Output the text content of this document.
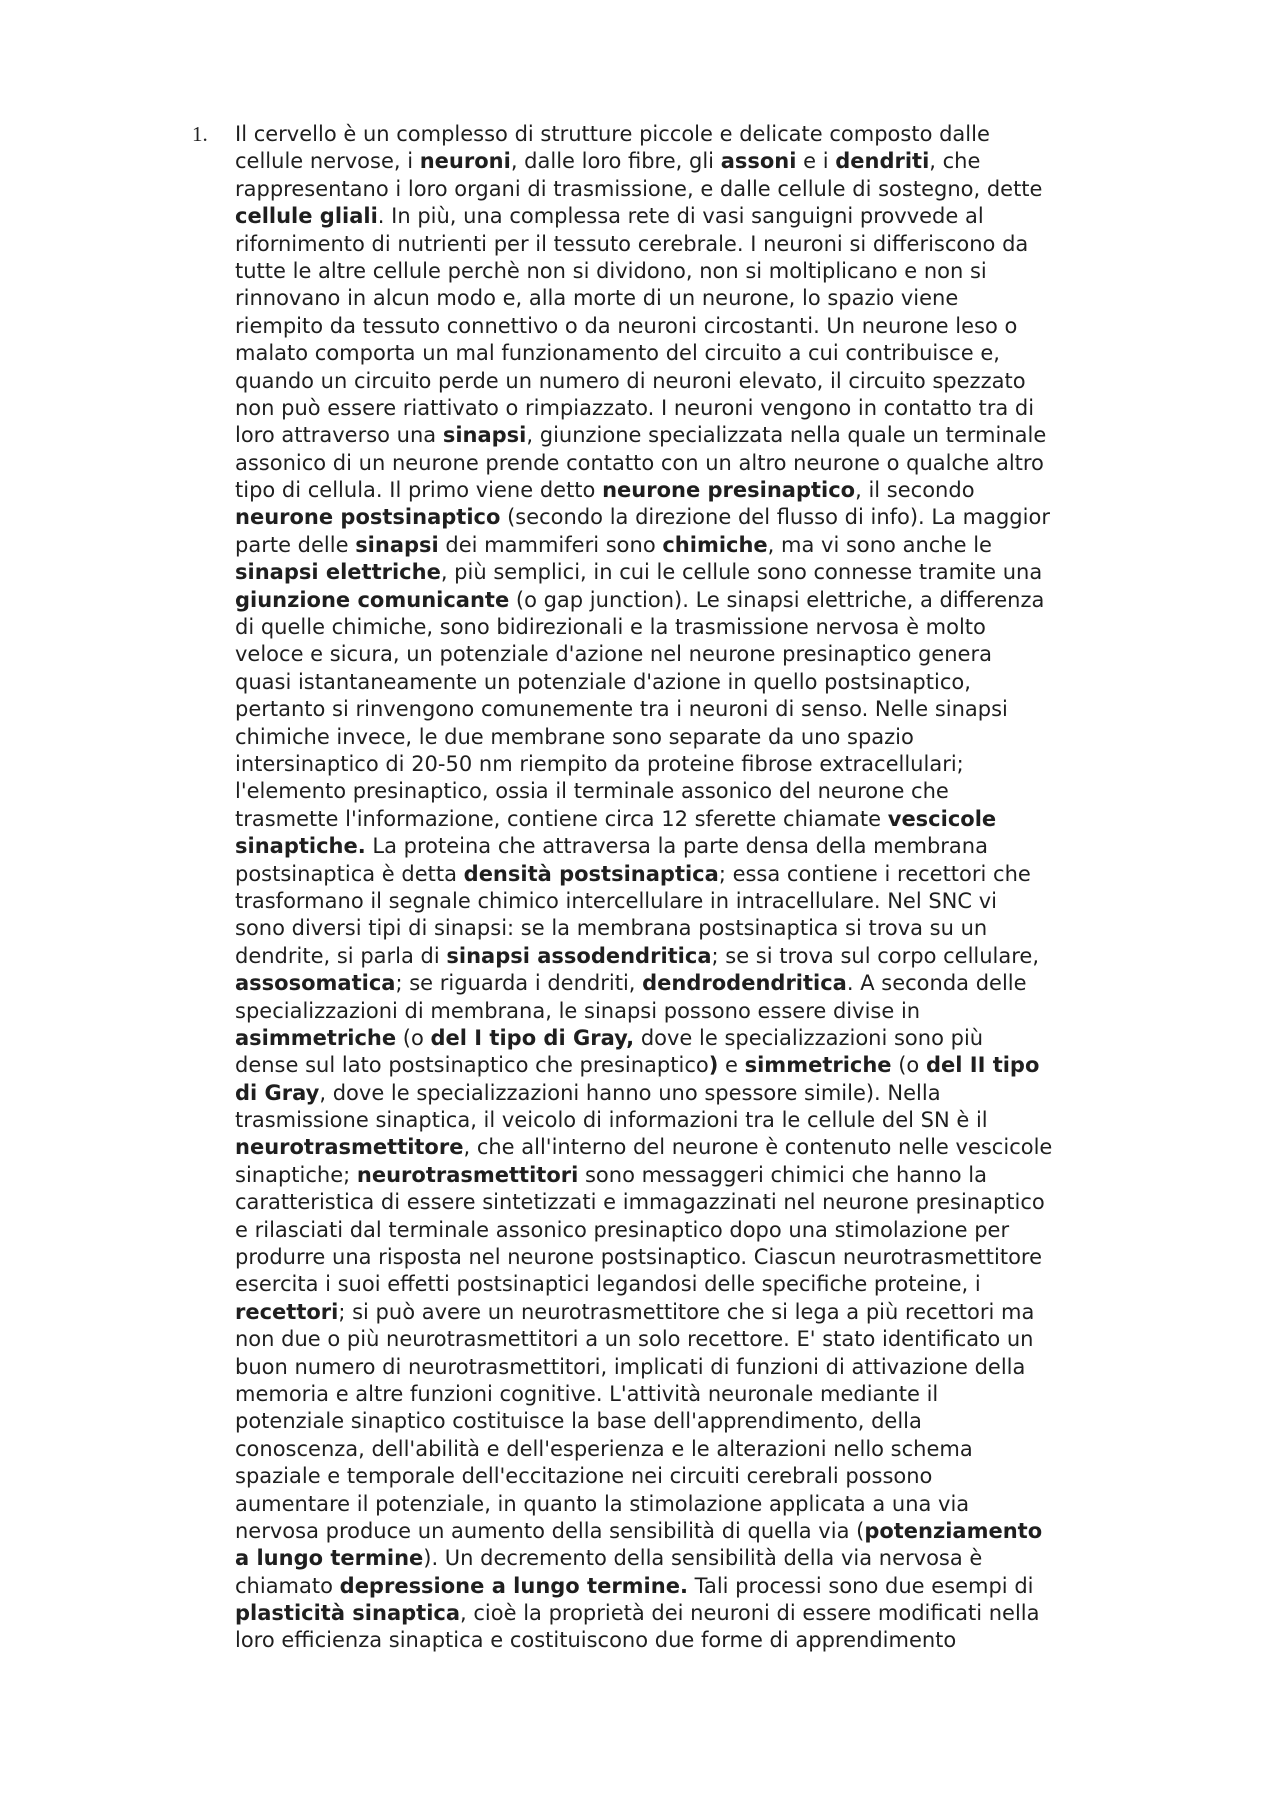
1. Il cervello è un complesso di strutture piccole e delicate composto dalle
cellule nervose, i neuroni, dalle loro fibre, gli assoni e i dendriti, che
rappresentano i loro organi di trasmissione, e dalle cellule di sostegno, dette
cellule gliali. In più, una complessa rete di vasi sanguigni provvede al
rifornimento di nutrienti per il tessuto cerebrale. I neuroni si differiscono da
tutte le altre cellule perchè non si dividono, non si moltiplicano e non si
rinnovano in alcun modo e, alla morte di un neurone, lo spazio viene
riempito da tessuto connettivo o da neuroni circostanti. Un neurone leso o
malato comporta un mal funzionamento del circuito a cui contribuisce e,
quando un circuito perde un numero di neuroni elevato, il circuito spezzato
non può essere riattivato o rimpiazzato. I neuroni vengono in contatto tra di
loro attraverso una sinapsi, giunzione specializzata nella quale un terminale
assonico di un neurone prende contatto con un altro neurone o qualche altro
tipo di cellula. Il primo viene detto neurone presinaptico, il secondo
neurone postsinaptico (secondo la direzione del flusso di info). La maggior
parte delle sinapsi dei mammiferi sono chimiche, ma vi sono anche le
sinapsi elettriche, più semplici, in cui le cellule sono connesse tramite una
giunzione comunicante (o gap junction). Le sinapsi elettriche, a differenza
di quelle chimiche, sono bidirezionali e la trasmissione nervosa è molto
veloce e sicura, un potenziale d'azione nel neurone presinaptico genera
quasi istantaneamente un potenziale d'azione in quello postsinaptico,
pertanto si rinvengono comunemente tra i neuroni di senso. Nelle sinapsi
chimiche invece, le due membrane sono separate da uno spazio
intersinaptico di 20-50 nm riempito da proteine fibrose extracellulari;
l'elemento presinaptico, ossia il terminale assonico del neurone che
trasmette l'informazione, contiene circa 12 sferette chiamate vescicole
sinaptiche. La proteina che attraversa la parte densa della membrana
postsinaptica è detta densità postsinaptica; essa contiene i recettori che
trasformano il segnale chimico intercellulare in intracellulare. Nel SNC vi
sono diversi tipi di sinapsi: se la membrana postsinaptica si trova su un
dendrite, si parla di sinapsi assodendritica; se si trova sul corpo cellulare,
assosomatica; se riguarda i dendriti, dendrodendritica. A seconda delle
specializzazioni di membrana, le sinapsi possono essere divise in
asimmetriche (o del I tipo di Gray, dove le specializzazioni sono più
dense sul lato postsinaptico che presinaptico) e simmetriche (o del II tipo
di Gray, dove le specializzazioni hanno uno spessore simile). Nella
trasmissione sinaptica, il veicolo di informazioni tra le cellule del SN è il
neurotrasmettitore, che all'interno del neurone è contenuto nelle vescicole
sinaptiche; neurotrasmettitori sono messaggeri chimici che hanno la
caratteristica di essere sintetizzati e immagazzinati nel neurone presinaptico
e rilasciati dal terminale assonico presinaptico dopo una stimolazione per
produrre una risposta nel neurone postsinaptico. Ciascun neurotrasmettitore
esercita i suoi effetti postsinaptici legandosi delle specifiche proteine, i
recettori; si può avere un neurotrasmettitore che si lega a più recettori ma
non due o più neurotrasmettitori a un solo recettore. E' stato identificato un
buon numero di neurotrasmettitori, implicati di funzioni di attivazione della
memoria e altre funzioni cognitive. L'attività neuronale mediante il
potenziale sinaptico costituisce la base dell'apprendimento, della
conoscenza, dell'abilità e dell'esperienza e le alterazioni nello schema
spaziale e temporale dell'eccitazione nei circuiti cerebrali possono
aumentare il potenziale, in quanto la stimolazione applicata a una via
nervosa produce un aumento della sensibilità di quella via (potenziamento
a lungo termine). Un decremento della sensibilità della via nervosa è
chiamato depressione a lungo termine. Tali processi sono due esempi di
plasticità sinaptica, cioè la proprietà dei neuroni di essere modificati nella
loro efficienza sinaptica e costituiscono due forme di apprendimento
